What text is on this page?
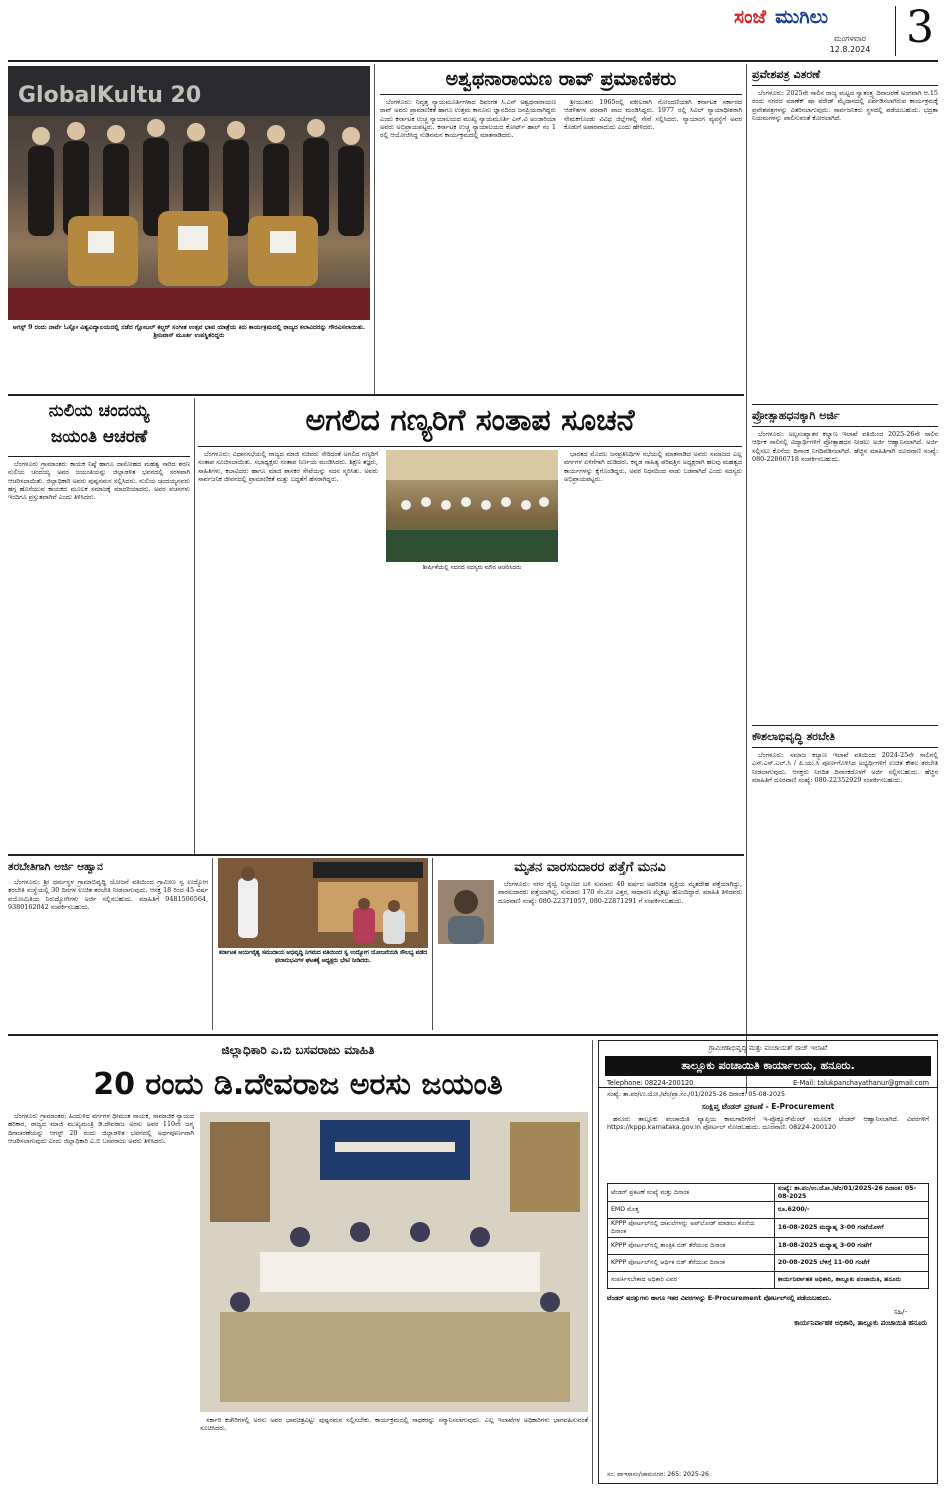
ಸಂಜೆ ಮುಗಿಲು
ಮಂಗಳವಾರ
12.8.2024 3
GlobalKultu 20
ಆಗಸ್ಟ್ 9 ರಂದು ನಾರ್ವೆ ಓಸ್ಲೋ ವಿಶ್ವವಿದ್ಯಾಲಯದಲ್ಲಿ ನಡೆದ ಗ್ಲೋಬಲ್ ಕಲ್ಚರ್ ಸಂಗೀತ ಉತ್ಸವ ಭಾವ ಯಾತ್ರೆಯ ಕಿರು ಕಾರ್ಯಕ್ರಮದಲ್ಲಿ ರಾಜ್ಯದ ಕಲಾವಿದರನ್ನು ಗೌರವಿಸಲಾಯಿತು. ಶ್ರೀನಿವಾಸ್ ಮೂರ್ತಿ ಉಪಸ್ಥಿತರಿದ್ದರು
ಅಶ್ವಥನಾರಾಯಣ ರಾವ್ ಪ್ರಮಾಣಿಕರು

ಬೆಂಗಳೂರು: ನಿವೃತ್ತ ನ್ಯಾಯಮೂರ್ತಿಗಳಾದ ದಿವಂಗತ ಸಿ.ಎನ್ ಅಶ್ವಥನಾರಾಯಣ ರಾವ್ ಅವರು ಪ್ರಾಮಾಣಿಕತೆ ಹಾಗೂ ಉತ್ತಮ ಕಾನೂನು ಜ್ಞಾನದಿಂದ ಜನಪ್ರಿಯರಾಗಿದ್ದರು ಎಂದು ಕರ್ನಾಟಕ ಉಚ್ಚ ನ್ಯಾಯಾಲಯದ ಮುಖ್ಯ ನ್ಯಾಯಮೂರ್ತಿ ಎನ್.ವಿ ಅಂಜಾರಿಯಾ ಅವರು ಅಭಿಪ್ರಾಯಪಟ್ಟರು. ಕರ್ನಾಟಕ ಉಚ್ಚ ನ್ಯಾಯಾಲಯದ ಕೋರ್ಟ್ ಹಾಲ್ ನಂ 1 ರಲ್ಲಿ ಆಯೋಜಿಸಿದ್ದ ನುಡಿನಮನ ಕಾರ್ಯಕ್ರಮದಲ್ಲಿ ಮಾತನಾಡಿದರು.

ಶ್ರೀಯುತರು 1965ರಲ್ಲಿ ವಕೀಲರಾಗಿ ನೋಂದಣಿಯಾಗಿ ಕರ್ನಾಟಕ ಸರ್ಕಾರದ ಆಡಳಿತಗಳ ಪರವಾಗಿ ವಾದ ಮಂಡಿಸಿದ್ದರು. 1977 ರಲ್ಲಿ ಸಿವಿಲ್ ನ್ಯಾಯಾಧೀಶರಾಗಿ ನೇಮಕಗೊಂಡು ವಿವಿಧ ಜಿಲ್ಲೆಗಳಲ್ಲಿ ಸೇವೆ ಸಲ್ಲಿಸಿದರು. ನ್ಯಾಯಾಂಗ ವ್ಯವಸ್ಥೆಗೆ ಅವರ ಕೊಡುಗೆ ಅಪಾರವಾದುದು ಎಂದು ಹೇಳಿದರು.

ಪ್ರವೇಶಪತ್ರ ವಿತರಣೆ

ಬೆಂಗಳೂರು: 2025ನೇ ಸಾಲಿನ ರಾಜ್ಯ ಮಟ್ಟದ ಸ್ವಾತಂತ್ರ್ಯ ದಿನಾಚರಣೆ ಅಂಗವಾಗಿ ಆ.15 ರಂದು ನಗರದ ಮಾಣೆಕ್ ಷಾ ಪರೇಡ್ ಮೈದಾನದಲ್ಲಿ ಏರ್ಪಡಿಸಲಾಗಿರುವ ಕಾರ್ಯಕ್ರಮಕ್ಕೆ ಪ್ರವೇಶಪತ್ರಗಳನ್ನು ವಿತರಿಸಲಾಗುವುದು. ಸಾರ್ವಜನಿಕರು ಸ್ಥಳದಲ್ಲಿ ಪಡೆಯಬಹುದು. ಭದ್ರತಾ ನಿಯಮಗಳನ್ನು ಪಾಲಿಸುವಂತೆ ಕೋರಲಾಗಿದೆ.

ಪ್ರೋತ್ಸಾಹಧನಕ್ಕಾಗಿ ಅರ್ಜಿ

ಬೆಂಗಳೂರು: ಅಲ್ಪಸಂಖ್ಯಾತರ ಕಲ್ಯಾಣ ಇಲಾಖೆ ವತಿಯಿಂದ 2025-26ನೇ ಸಾಲಿನ ಆರ್ಥಿಕ ಸಾಲಿನಲ್ಲಿ ವಿದ್ಯಾರ್ಥಿಗಳಿಗೆ ಪ್ರೋತ್ಸಾಹಧನ ನೀಡಲು ಅರ್ಜಿ ಆಹ್ವಾನಿಸಲಾಗಿದೆ. ಅರ್ಜಿ ಸಲ್ಲಿಸಲು ಕೊನೆಯ ದಿನಾಂಕ ನಿಗದಿಪಡಿಸಲಾಗಿದೆ. ಹೆಚ್ಚಿನ ಮಾಹಿತಿಗಾಗಿ ದೂರವಾಣಿ ಸಂಖ್ಯೆ: 080-22866718 ಸಂಪರ್ಕಿಸಬಹುದು.

ಕೌಶಲಾಭಿವೃದ್ಧಿ ತರಬೇತಿ

ಬೆಂಗಳೂರು: ಸಮಾಜ ಕಲ್ಯಾಣ ಇಲಾಖೆ ವತಿಯಿಂದ 2024-25ನೇ ಸಾಲಿನಲ್ಲಿ ಎಸ್.ಎಸ್.ಎಲ್.ಸಿ / ಪಿ.ಯು.ಸಿ ಪೂರ್ಣಗೊಳಿಸಿದ ಅಭ್ಯರ್ಥಿಗಳಿಗೆ ಉಚಿತ ಕೌಶಲ ತರಬೇತಿ ನೀಡಲಾಗುವುದು. ಆಸಕ್ತರು ನಿಗದಿತ ದಿನಾಂಕದೊಳಗೆ ಅರ್ಜಿ ಸಲ್ಲಿಸಬಹುದು. ಹೆಚ್ಚಿನ ಮಾಹಿತಿಗೆ ದೂರವಾಣಿ ಸಂಖ್ಯೆ: 080-22352929 ಸಂಪರ್ಕಿಸಬಹುದು.

ನುಲಿಯ ಚಂದಯ್ಯ
ಜಯಂತಿ ಆಚರಣೆ

ಬೆಂಗಳೂರು ಗ್ರಾಮಾಂತರ: ಕಾಯಕ ನಿಷ್ಠೆ ಹಾಗೂ ದಾಸೋಹದ ಮಹತ್ವ ಸಾರಿದ ಶರಣ ನುಲಿಯ ಚಂದಯ್ಯ ಅವರ ಜಯಂತಿಯನ್ನು ಜಿಲ್ಲಾಡಳಿತ ಭವನದಲ್ಲಿ ಸರಳವಾಗಿ ಆಚರಿಸಲಾಯಿತು. ಜಿಲ್ಲಾಧಿಕಾರಿ ಅವರು ಪುಷ್ಪನಮನ ಸಲ್ಲಿಸಿದರು. ನುಲಿಯ ಚಂದಯ್ಯನವರು ಹಗ್ಗ ಹೊಸೆಯುವ ಕಾಯಕದ ಮೂಲಕ ಸಮಾಜಕ್ಕೆ ಮಾದರಿಯಾದರು. ಅವರ ವಚನಗಳು ಇಂದಿಗೂ ಪ್ರಸ್ತುತವಾಗಿವೆ ಎಂದು ತಿಳಿಸಿದರು.

ಅಗಲಿದ ಗಣ್ಯರಿಗೆ ಸಂತಾಪ ಸೂಚನೆ

ಬೆಂಗಳೂರು: ವಿಧಾನಸಭೆಯಲ್ಲಿ ರಾಜ್ಯದ ಮಾಜಿ ಸಚಿವರು ಸೇರಿದಂತೆ ಅಗಲಿದ ಗಣ್ಯರಿಗೆ ಸಂತಾಪ ಸೂಚಿಸಲಾಯಿತು. ಸಭಾಧ್ಯಕ್ಷರು ಸಂತಾಪ ನಿರ್ಣಯ ಮಂಡಿಸಿದರು. ಶಿಕ್ಷಣ ತಜ್ಞರು, ಸಾಹಿತಿಗಳು, ಕಲಾವಿದರು ಹಾಗೂ ಮಾಜಿ ಶಾಸಕರ ಸೇವೆಯನ್ನು ಸದನ ಸ್ಮರಿಸಿತು. ಅವರು ಸಾರ್ವಜನಿಕ ಜೀವನದಲ್ಲಿ ಪ್ರಾಮಾಣಿಕತೆ ಮತ್ತು ಬದ್ಧತೆಗೆ ಹೆಸರಾಗಿದ್ದರು.

ಶೀರ್ಷಿಕೆಯಲ್ಲಿ ಸದನದ ಸದಸ್ಯರು ಮೌನ ಆಚರಿಸಿದರು

ಭಾರತದ ಮೊದಲ ಜನಪ್ರತಿನಿಧಿಗಳ ಸಭೆಯಲ್ಲಿ ಮಾತನಾಡಿದ ಅವರು ಸಮಾಜದ ಎಲ್ಲ ವರ್ಗಗಳ ಏಳಿಗೆಗಾಗಿ ದುಡಿದರು. ಕನ್ನಡ ಸಾಹಿತ್ಯ ಪರಿಷತ್ತಿನ ಅಧ್ಯಕ್ಷರಾಗಿ ಹಲವು ಮಹತ್ವದ ಕಾರ್ಯಗಳನ್ನು ಕೈಗೊಂಡಿದ್ದರು. ಅವರ ನಿಧನದಿಂದ ನಾಡು ಬಡವಾಗಿದೆ ಎಂದು ಸದಸ್ಯರು ಅಭಿಪ್ರಾಯಪಟ್ಟರು.

ತರಬೇತಿಗಾಗಿ ಅರ್ಜಿ ಆಹ್ವಾನ

ಬೆಂಗಳೂರು: ಶ್ರೀ ಧರ್ಮಸ್ಥಳ ಗ್ರಾಮಾಭಿವೃದ್ಧಿ ಯೋಜನೆ ವತಿಯಿಂದ ಗ್ರಾಮೀಣ ಸ್ವ ಉದ್ಯೋಗ ತರಬೇತಿ ಸಂಸ್ಥೆಯಲ್ಲಿ 30 ದಿನಗಳ ಉಚಿತ ತರಬೇತಿ ನೀಡಲಾಗುವುದು. ಆಸಕ್ತ 18 ರಿಂದ 45 ವರ್ಷ ವಯೋಮಿತಿಯ ನಿರುದ್ಯೋಗಿಗಳು ಅರ್ಜಿ ಸಲ್ಲಿಸಬಹುದು. ಮಾಹಿತಿಗೆ 9481506564, 9380162042 ಸಂಪರ್ಕಿಸಬಹುದು.

ಕರ್ನಾಟಕ ಆರ್ಯವೈಶ್ಯ ಸಮುದಾಯ ಅಭಿವೃದ್ಧಿ ನಿಗಮದ ವತಿಯಿಂದ ಸ್ವ ಉದ್ಯೋಗ ಯೋಜನೆಯಡಿ ಸೌಲಭ್ಯ ಪಡೆದ ಫಲಾನುಭವಿಗಳ ಘಟಕಕ್ಕೆ ಅಧ್ಯಕ್ಷರು ಭೇಟಿ ನೀಡಿದರು.
ಮೃತನ ವಾರಸುದಾರರ ಪತ್ತೆಗೆ ಮನವಿ

ಬೆಂಗಳೂರು: ನಗರ ರೈಲ್ವೆ ನಿಲ್ದಾಣದ ಬಳಿ ಸುಮಾರು 40 ವರ್ಷದ ಅಪರಿಚಿತ ವ್ಯಕ್ತಿಯ ಮೃತದೇಹ ಪತ್ತೆಯಾಗಿದ್ದು, ವಾರಸುದಾರರು ಪತ್ತೆಯಾಗಿಲ್ಲ. ಸುಮಾರು 170 ಸೆಂ.ಮೀ ಎತ್ತರ, ಸಾಧಾರಣ ಮೈಕಟ್ಟು ಹೊಂದಿದ್ದಾರೆ. ಮಾಹಿತಿ ತಿಳಿದವರು ದೂರವಾಣಿ ಸಂಖ್ಯೆ: 080-22371057, 080-22871291 ಗೆ ಸಂಪರ್ಕಿಸಬಹುದು.

ಜಿಲ್ಲಾಧಿಕಾರಿ ಎ.ಬಿ ಬಸವರಾಜು ಮಾಹಿತಿ
20 ರಂದು ಡಿ.ದೇವರಾಜ ಅರಸು ಜಯಂತಿ

ಬೆಂಗಳೂರು ಗ್ರಾಮಾಂತರ: ಹಿಂದುಳಿದ ವರ್ಗಗಳ ಧೀಮಂತ ನಾಯಕ, ಸಾಮಾಜಿಕ ನ್ಯಾಯದ ಹರಿಕಾರ, ರಾಜ್ಯದ ಮಾಜಿ ಮುಖ್ಯಮಂತ್ರಿ ಡಿ.ದೇವರಾಜ ಅರಸು ಅವರ 110ನೇ ಜನ್ಮ ದಿನಾಚರಣೆಯನ್ನು ಆಗಸ್ಟ್ 20 ರಂದು ಜಿಲ್ಲಾಡಳಿತ ಭವನದಲ್ಲಿ ಅರ್ಥಪೂರ್ಣವಾಗಿ ಆಚರಿಸಲಾಗುವುದು ಎಂದು ಜಿಲ್ಲಾಧಿಕಾರಿ ಎ.ಬಿ ಬಸವರಾಜು ಅವರು ತಿಳಿಸಿದರು.

ಸರ್ಕಾರಿ ಕಚೇರಿಗಳಲ್ಲಿ ಅರಸು ಅವರ ಭಾವಚಿತ್ರವಿಟ್ಟು ಪುಷ್ಪನಮನ ಸಲ್ಲಿಸಬೇಕು. ಕಾರ್ಯಕ್ರಮದಲ್ಲಿ ಸಾಧಕರನ್ನು ಸನ್ಮಾನಿಸಲಾಗುವುದು. ಎಲ್ಲ ಇಲಾಖೆಗಳ ಅಧಿಕಾರಿಗಳು ಭಾಗವಹಿಸುವಂತೆ ಸೂಚಿಸಿದರು.

ಗ್ರಾಮೀಣಾಭಿವೃದ್ಧಿ ಮತ್ತು ಪಂಚಾಯತ್ ರಾಜ್ ಇಲಾಖೆ
ತಾಲ್ಲೂಕು ಪಂಚಾಯಿತಿ ಕಾರ್ಯಾಲಯ, ಹನೂರು.
Telephone: 08224-200120	E-Mail: talukpanchayathanur@gmail.com
ಸಂಖ್ಯೆ: ತಾ.ಪಂ/ಉ.ಯೋ./ಟೆಂ/ಪ್ರಾ.ಸಂ./01/2025-26 ದಿನಾಂಕ: 05-08-2025
ಸಂಕ್ಷಿಪ್ತ ಟೆಂಡರ್ ಪ್ರಕಟಣೆ - E-Procurement

ಹನೂರು ತಾಲ್ಲೂಕು ಪಂಚಾಯಿತಿ ವ್ಯಾಪ್ತಿಯ ಕಾಮಗಾರಿಗಳಿಗೆ ಇ-ಪ್ರೊಕ್ಯೂರ್‌ಮೆಂಟ್ ಮೂಲಕ ಟೆಂಡರ್ ಆಹ್ವಾನಿಸಲಾಗಿದೆ. ವಿವರಗಳಿಗೆ https://kppp.karnataka.gov.in ಪೋರ್ಟಲ್ ನೋಡಬಹುದು. ದೂರವಾಣಿ: 08224-200120

ಟೆಂಡರ್ ಪ್ರಕಟಣೆ ಸಂಖ್ಯೆ ಮತ್ತು ದಿನಾಂಕ	ಸಂಖ್ಯೆ: ತಾ.ಪಂ/ಉ.ಯೋ./ಟೆಂ/01/2025-26 ದಿನಾಂಕ: 05-08-2025
EMD ಮೊತ್ತ	ರೂ.6200/-
KPPP ಪೋರ್ಟಲ್‌ನಲ್ಲಿ ದಾಖಲೆಗಳನ್ನು ಅಪ್‌ಲೋಡ್ ಮಾಡಲು ಕೊನೆಯ ದಿನಾಂಕ	16-08-2025 ಮಧ್ಯಾಹ್ನ 3-00 ಗಂಟೆಯೊಳಗೆ
KPPP ಪೋರ್ಟಲ್‌ನಲ್ಲಿ ತಾಂತ್ರಿಕ ಬಿಡ್ ತೆರೆಯುವ ದಿನಾಂಕ	18-08-2025 ಮಧ್ಯಾಹ್ನ 3-00 ಗಂಟೆಗೆ
KPPP ಪೋರ್ಟಲ್‌ನಲ್ಲಿ ಆರ್ಥಿಕ ಬಿಡ್ ತೆರೆಯುವ ದಿನಾಂಕ	20-08-2025 ಬೆಳಿಗ್ಗೆ 11-00 ಗಂಟೆಗೆ
ಸಂಪರ್ಕಿಸಬೇಕಾದ ಅಧಿಕಾರಿ ವಿವರ	ಕಾರ್ಯನಿರ್ವಾಹಕ ಅಧಿಕಾರಿ, ತಾಲ್ಲೂಕು ಪಂಚಾಯಿತಿ, ಹನೂರು
ಟೆಂಡರ್ ಷರತ್ತುಗಳು ಹಾಗೂ ಇತರ ವಿವರಗಳನ್ನು E-Procurement ಪೋರ್ಟಲ್‌ನಲ್ಲಿ ಪಡೆಯಬಹುದು.
ಸಹಿ/-
ಕಾರ್ಯನಿರ್ವಾಹಕ ಅಧಿಕಾರಿ, ತಾಲ್ಲೂಕು ಪಂಚಾಯಿತಿ ಹನೂರು
ಸಂ: ವಾಇಸಾಸಂ/ಚಾಮನಗರ: 265: 2025-26
